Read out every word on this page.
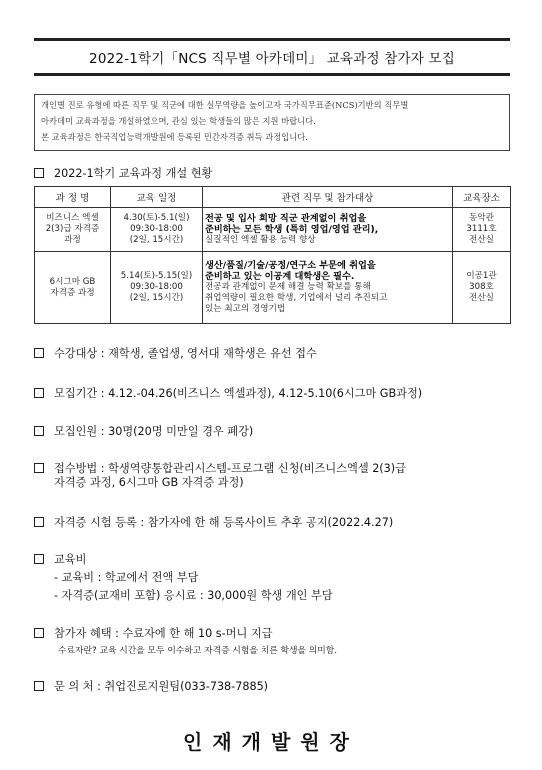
2022-1학기「NCS 직무별 아카데미」 교육과정 참가자 모집
개인별 진로 유형에 따른 직무 및 직군에 대한 실무역량을 높이고자 국가직무표준(NCS)기반의 직무별
아카데미 교육과정을 개설하였으며, 관심 있는 학생들의 많은 지원 바랍니다.
본 교육과정은 한국직업능력개발원에 등록된 민간자격증 취득 과정입니다.
2022-1학기 교육과정 개설 현황
과 정 명	교육 일정	관련 직무 및 참가대상	교육장소

비즈니스 엑셀
2(3)급 자격증
과정	4.30(토)-5.1(일)
09:30-18:00
(2일, 15시간)	전공 및 입사 희망 직군 관계없이 취업을
준비하는 모든 학생 (특히 영업/영업 관리),
실질적인 엑셀 활용 능력 향상	동악관
3111호
전산실

6시그마 GB
자격증 과정	5.14(토)-5.15(일)
09:30-18:00
(2일, 15시간)	생산/품질/기술/공정/연구소 부문에 취업을
준비하고 있는 이공계 대학생은 필수.
전공과 관계없이 문제 해결 능력 확보를 통해
취업역량이 필요한 학생, 기업에서 널리 추진되고
있는 최고의 경영기법	이공1관
308호
전산실
수강대상 : 재학생, 졸업생, 영서대 재학생은 유선 접수
모집기간 : 4.12.-04.26(비즈니스 엑셀과정), 4.12-5.10(6시그마 GB과정)
모집인원 : 30명(20명 미만일 경우 폐강)
접수방법 : 학생역량통합관리시스템-프로그램 신청(비즈니스엑셀 2(3)급
자격증 과정, 6시그마 GB 자격증 과정)
자격증 시험 등록 : 참가자에 한 해 등록사이트 추후 공지(2022.4.27)
교육비
- 교육비 : 학교에서 전액 부담
- 자격증(교재비 포함) 응시료 : 30,000원 학생 개인 부담
참가자 혜택 : 수료자에 한 해 10 s-머니 지급
수료자란? 교육 시간을 모두 이수하고 자격증 시험을 치른 학생을 의미함.
문 의 처 : 취업진로지원팀(033-738-7885)
인재개발원장
